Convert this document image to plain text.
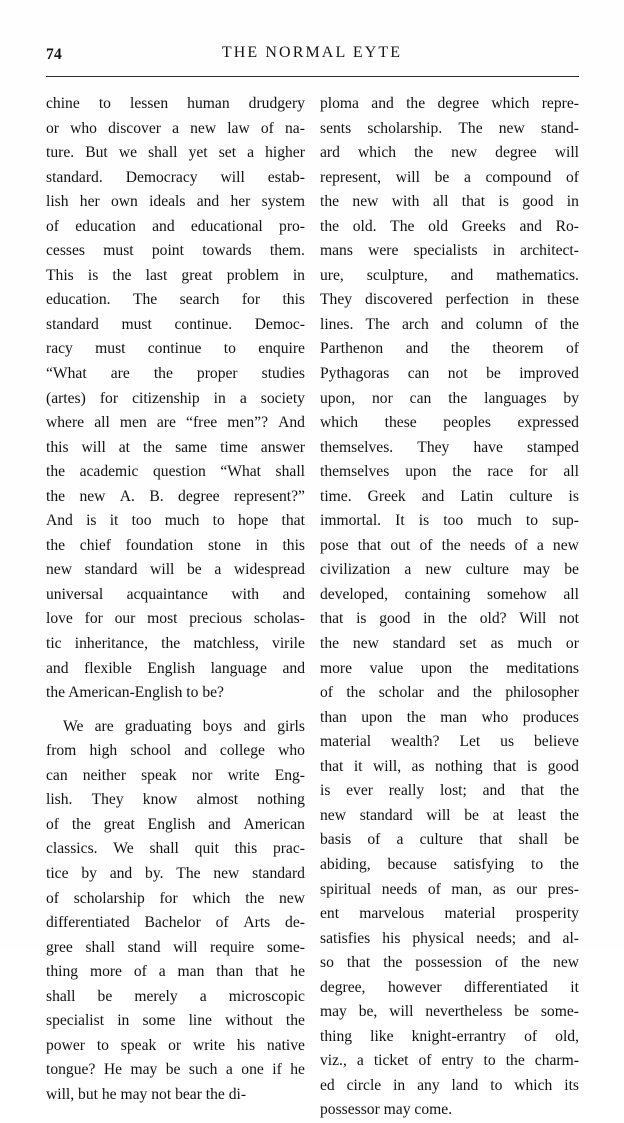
74	THE NORMAL EYTE
chine to lessen human drudgery
or who discover a new law of na-
ture. But we shall yet set a higher
standard. Democracy will estab-
lish her own ideals and her system
of education and educational pro-
cesses must point towards them.
This is the last great problem in
education. The search for this
standard must continue. Democ-
racy must continue to enquire
“What are the proper studies
(artes) for citizenship in a society
where all men are “free men”? And
this will at the same time answer
the academic question “What shall
the new A. B. degree represent?”
And is it too much to hope that
the chief foundation stone in this
new standard will be a widespread
universal acquaintance with and
love for our most precious scholas-
tic inheritance, the matchless, virile
and flexible English language and
the American-English to be?
We are graduating boys and girls
from high school and college who
can neither speak nor write Eng-
lish. They know almost nothing
of the great English and American
classics. We shall quit this prac-
tice by and by. The new standard
of scholarship for which the new
differentiated Bachelor of Arts de-
gree shall stand will require some-
thing more of a man than that he
shall be merely a microscopic
specialist in some line without the
power to speak or write his native
tongue? He may be such a one if he
will, but he may not bear the di-
ploma and the degree which repre-
sents scholarship. The new stand-
ard which the new degree will
represent, will be a compound of
the new with all that is good in
the old. The old Greeks and Ro-
mans were specialists in architect-
ure, sculpture, and mathematics.
They discovered perfection in these
lines. The arch and column of the
Parthenon and the theorem of
Pythagoras can not be improved
upon, nor can the languages by
which these peoples expressed
themselves. They have stamped
themselves upon the race for all
time. Greek and Latin culture is
immortal. It is too much to sup-
pose that out of the needs of a new
civilization a new culture may be
developed, containing somehow all
that is good in the old? Will not
the new standard set as much or
more value upon the meditations
of the scholar and the philosopher
than upon the man who produces
material wealth? Let us believe
that it will, as nothing that is good
is ever really lost; and that the
new standard will be at least the
basis of a culture that shall be
abiding, because satisfying to the
spiritual needs of man, as our pres-
ent marvelous material prosperity
satisfies his physical needs; and al-
so that the possession of the new
degree, however differentiated it
may be, will nevertheless be some-
thing like knight-errantry of old,
viz., a ticket of entry to the charm-
ed circle in any land to which its
possessor may come.
